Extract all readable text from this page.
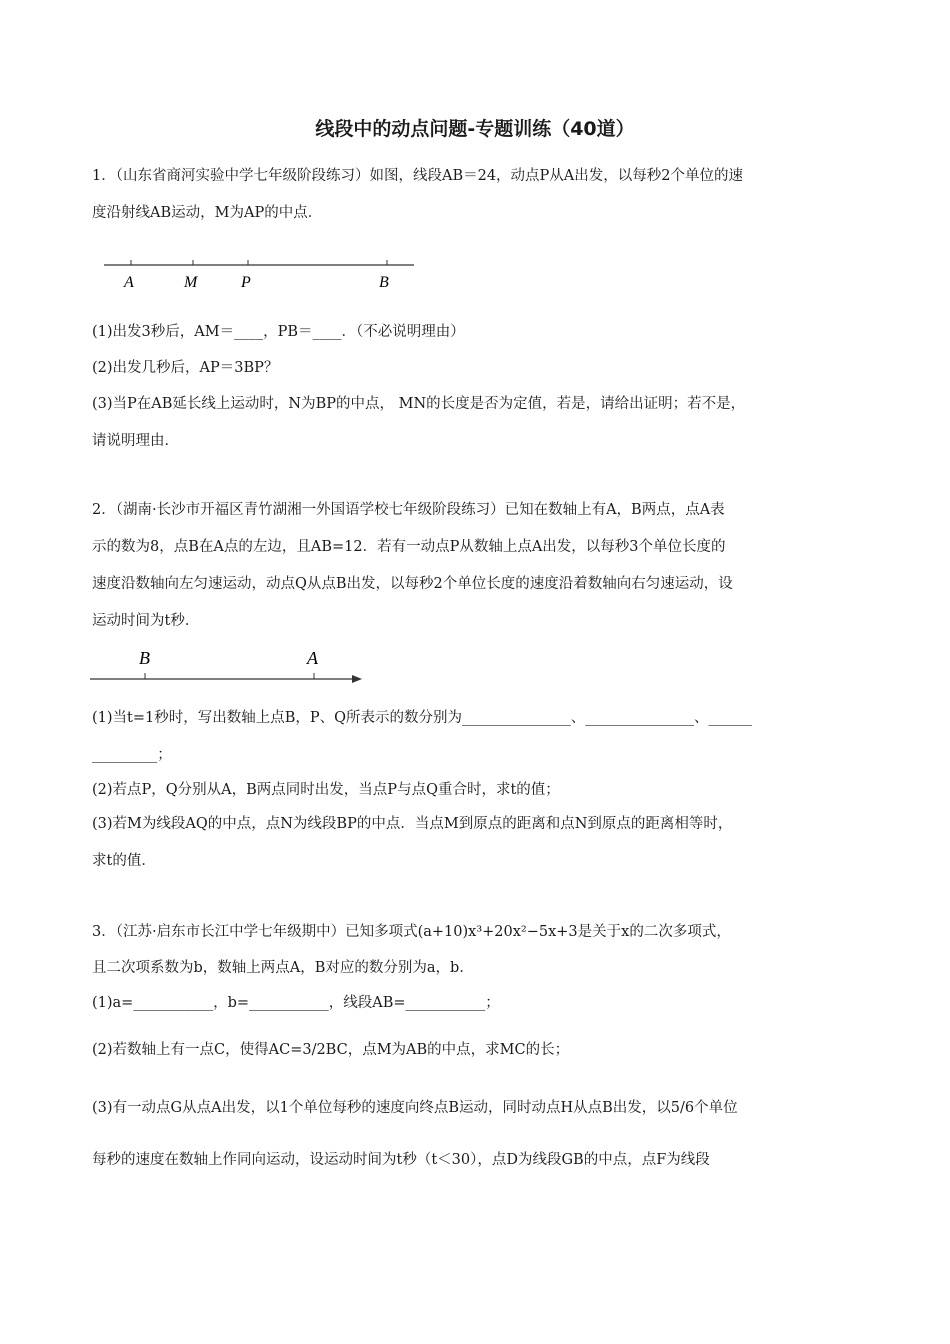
线段中的动点问题-专题训练（40道）
1．（山东省商河实验中学七年级阶段练习）如图，线段AB＝24，动点P从A出发，以每秒2个单位的速
度沿射线AB运动，M为AP的中点．
A	M	P	B
(1)出发3秒后，AM＝____，PB＝____．（不必说明理由）
(2)出发几秒后，AP＝3BP？
(3)当P在AB延长线上运动时，N为BP的中点， MN的长度是否为定值，若是，请给出证明；若不是，
请说明理由．
2．（湖南·长沙市开福区青竹湖湘一外国语学校七年级阶段练习）已知在数轴上有A，B两点，点A表
示的数为8，点B在A点的左边，且AB=12．若有一动点P从数轴上点A出发，以每秒3个单位长度的
速度沿数轴向左匀速运动，动点Q从点B出发，以每秒2个单位长度的速度沿着数轴向右匀速运动，设
运动时间为t秒．
B	A
(1)当t=1秒时，写出数轴上点B，P、Q所表示的数分别为_______________、_______________、______
_________；
(2)若点P，Q分别从A，B两点同时出发，当点P与点Q重合时，求t的值；
(3)若M为线段AQ的中点，点N为线段BP的中点．当点M到原点的距离和点N到原点的距离相等时，
求t的值．
3．（江苏·启东市长江中学七年级期中）已知多项式(a+10)x³+20x²−5x+3是关于x的二次多项式，
且二次项系数为b，数轴上两点A，B对应的数分别为a，b．
(1)a=___________，b=___________，线段AB=___________；
(2)若数轴上有一点C，使得AC=3/2BC，点M为AB的中点，求MC的长；
(3)有一动点G从点A出发，以1个单位每秒的速度向终点B运动，同时动点H从点B出发，以5/6个单位
每秒的速度在数轴上作同向运动，设运动时间为t秒（t＜30），点D为线段GB的中点，点F为线段
